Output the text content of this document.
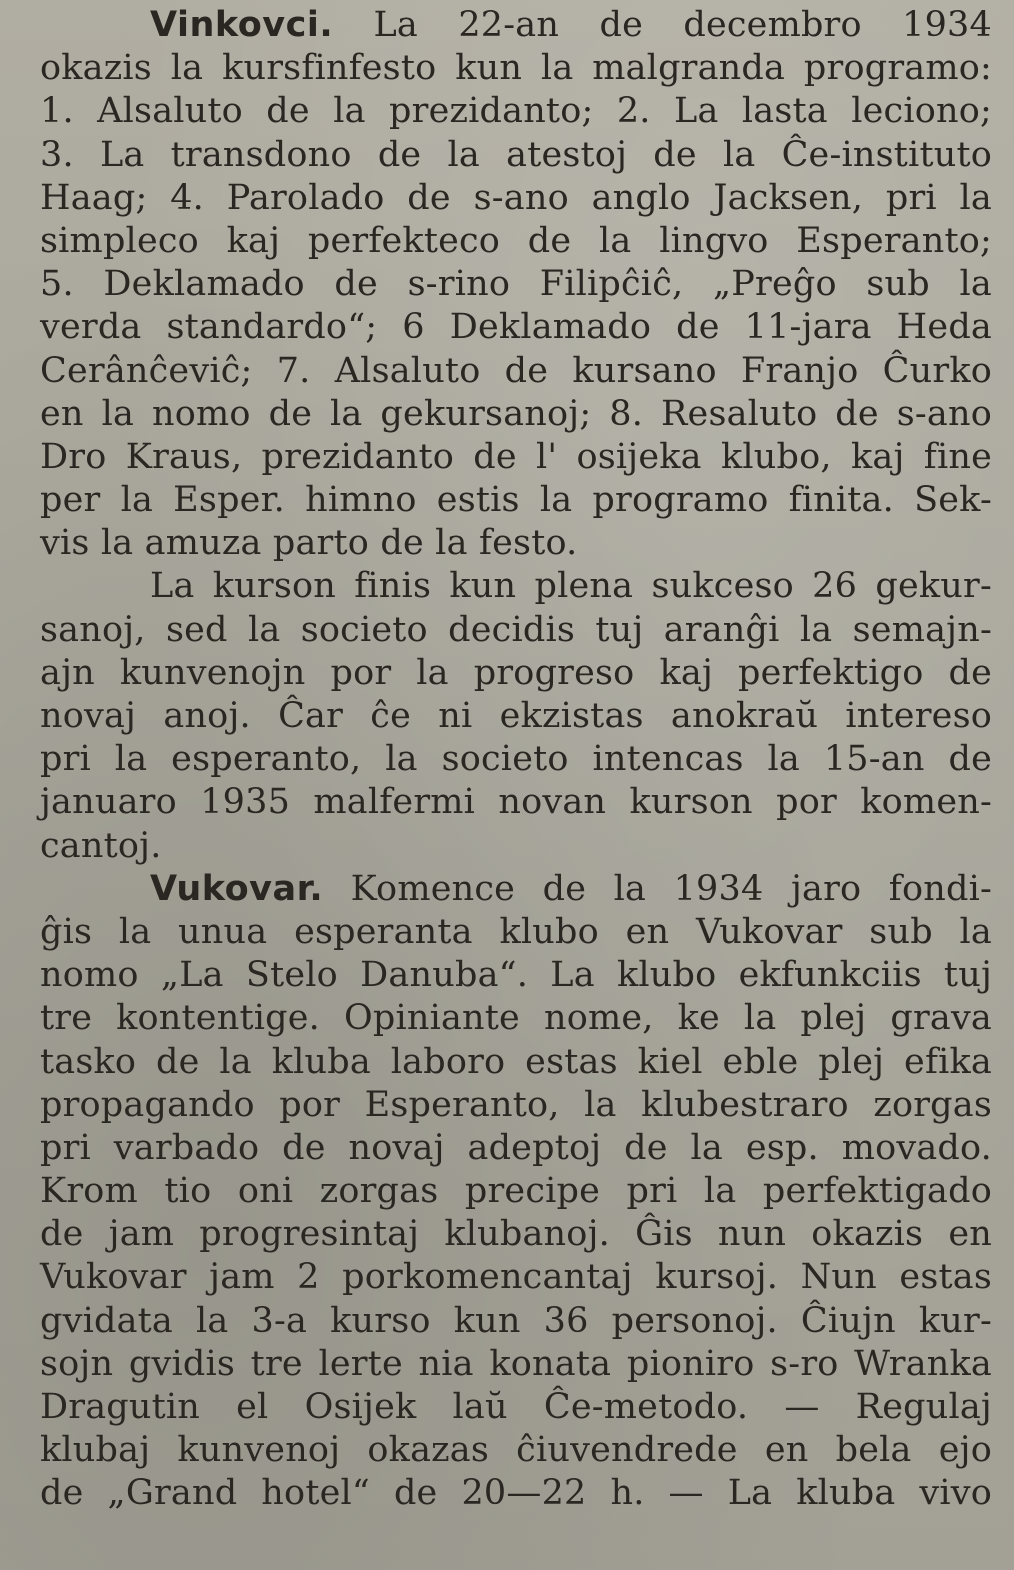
Vinkovci. La 22-an de decembro 1934
okazis la kursfinfesto kun la malgranda programo:
1. Alsaluto de la prezidanto; 2. La lasta leciono;
3. La transdono de la atestoj de la Ĉe-instituto
Haag; 4. Parolado de s-ano anglo Jacksen, pri la
simpleco kaj perfekteco de la lingvo Esperanto;
5. Deklamado de s-rino Filipĉiĉ, „Preĝo sub la
verda standardo“; 6 Deklamado de 11-jara Heda
Cerânĉeviĉ; 7. Alsaluto de kursano Franjo Ĉurko
en la nomo de la gekursanoj; 8. Resaluto de s-ano
Dro Kraus, prezidanto de l' osijeka klubo, kaj fine
per la Esper. himno estis la programo finita. Sek-
vis la amuza parto de la festo.
La kurson finis kun plena sukceso 26 gekur-
sanoj, sed la societo decidis tuj aranĝi la semajn-
ajn kunvenojn por la progreso kaj perfektigo de
novaj anoj. Ĉar ĉe ni ekzistas anokraŭ intereso
pri la esperanto, la societo intencas la 15-an de
januaro 1935 malfermi novan kurson por komen-
cantoj.
Vukovar. Komence de la 1934 jaro fondi-
ĝis la unua esperanta klubo en Vukovar sub la
nomo „La Stelo Danuba“. La klubo ekfunkciis tuj
tre kontentige. Opiniante nome, ke la plej grava
tasko de la kluba laboro estas kiel eble plej efika
propagando por Esperanto, la klubestraro zorgas
pri varbado de novaj adeptoj de la esp. movado.
Krom tio oni zorgas precipe pri la perfektigado
de jam progresintaj klubanoj. Ĝis nun okazis en
Vukovar jam 2 porkomencantaj kursoj. Nun estas
gvidata la 3-a kurso kun 36 personoj. Ĉiujn kur-
sojn gvidis tre lerte nia konata pioniro s-ro Wranka
Dragutin el Osijek laŭ Ĉe-metodo. — Regulaj
klubaj kunvenoj okazas ĉiuvendrede en bela ejo
de „Grand hotel“ de 20—22 h. — La kluba vivo
